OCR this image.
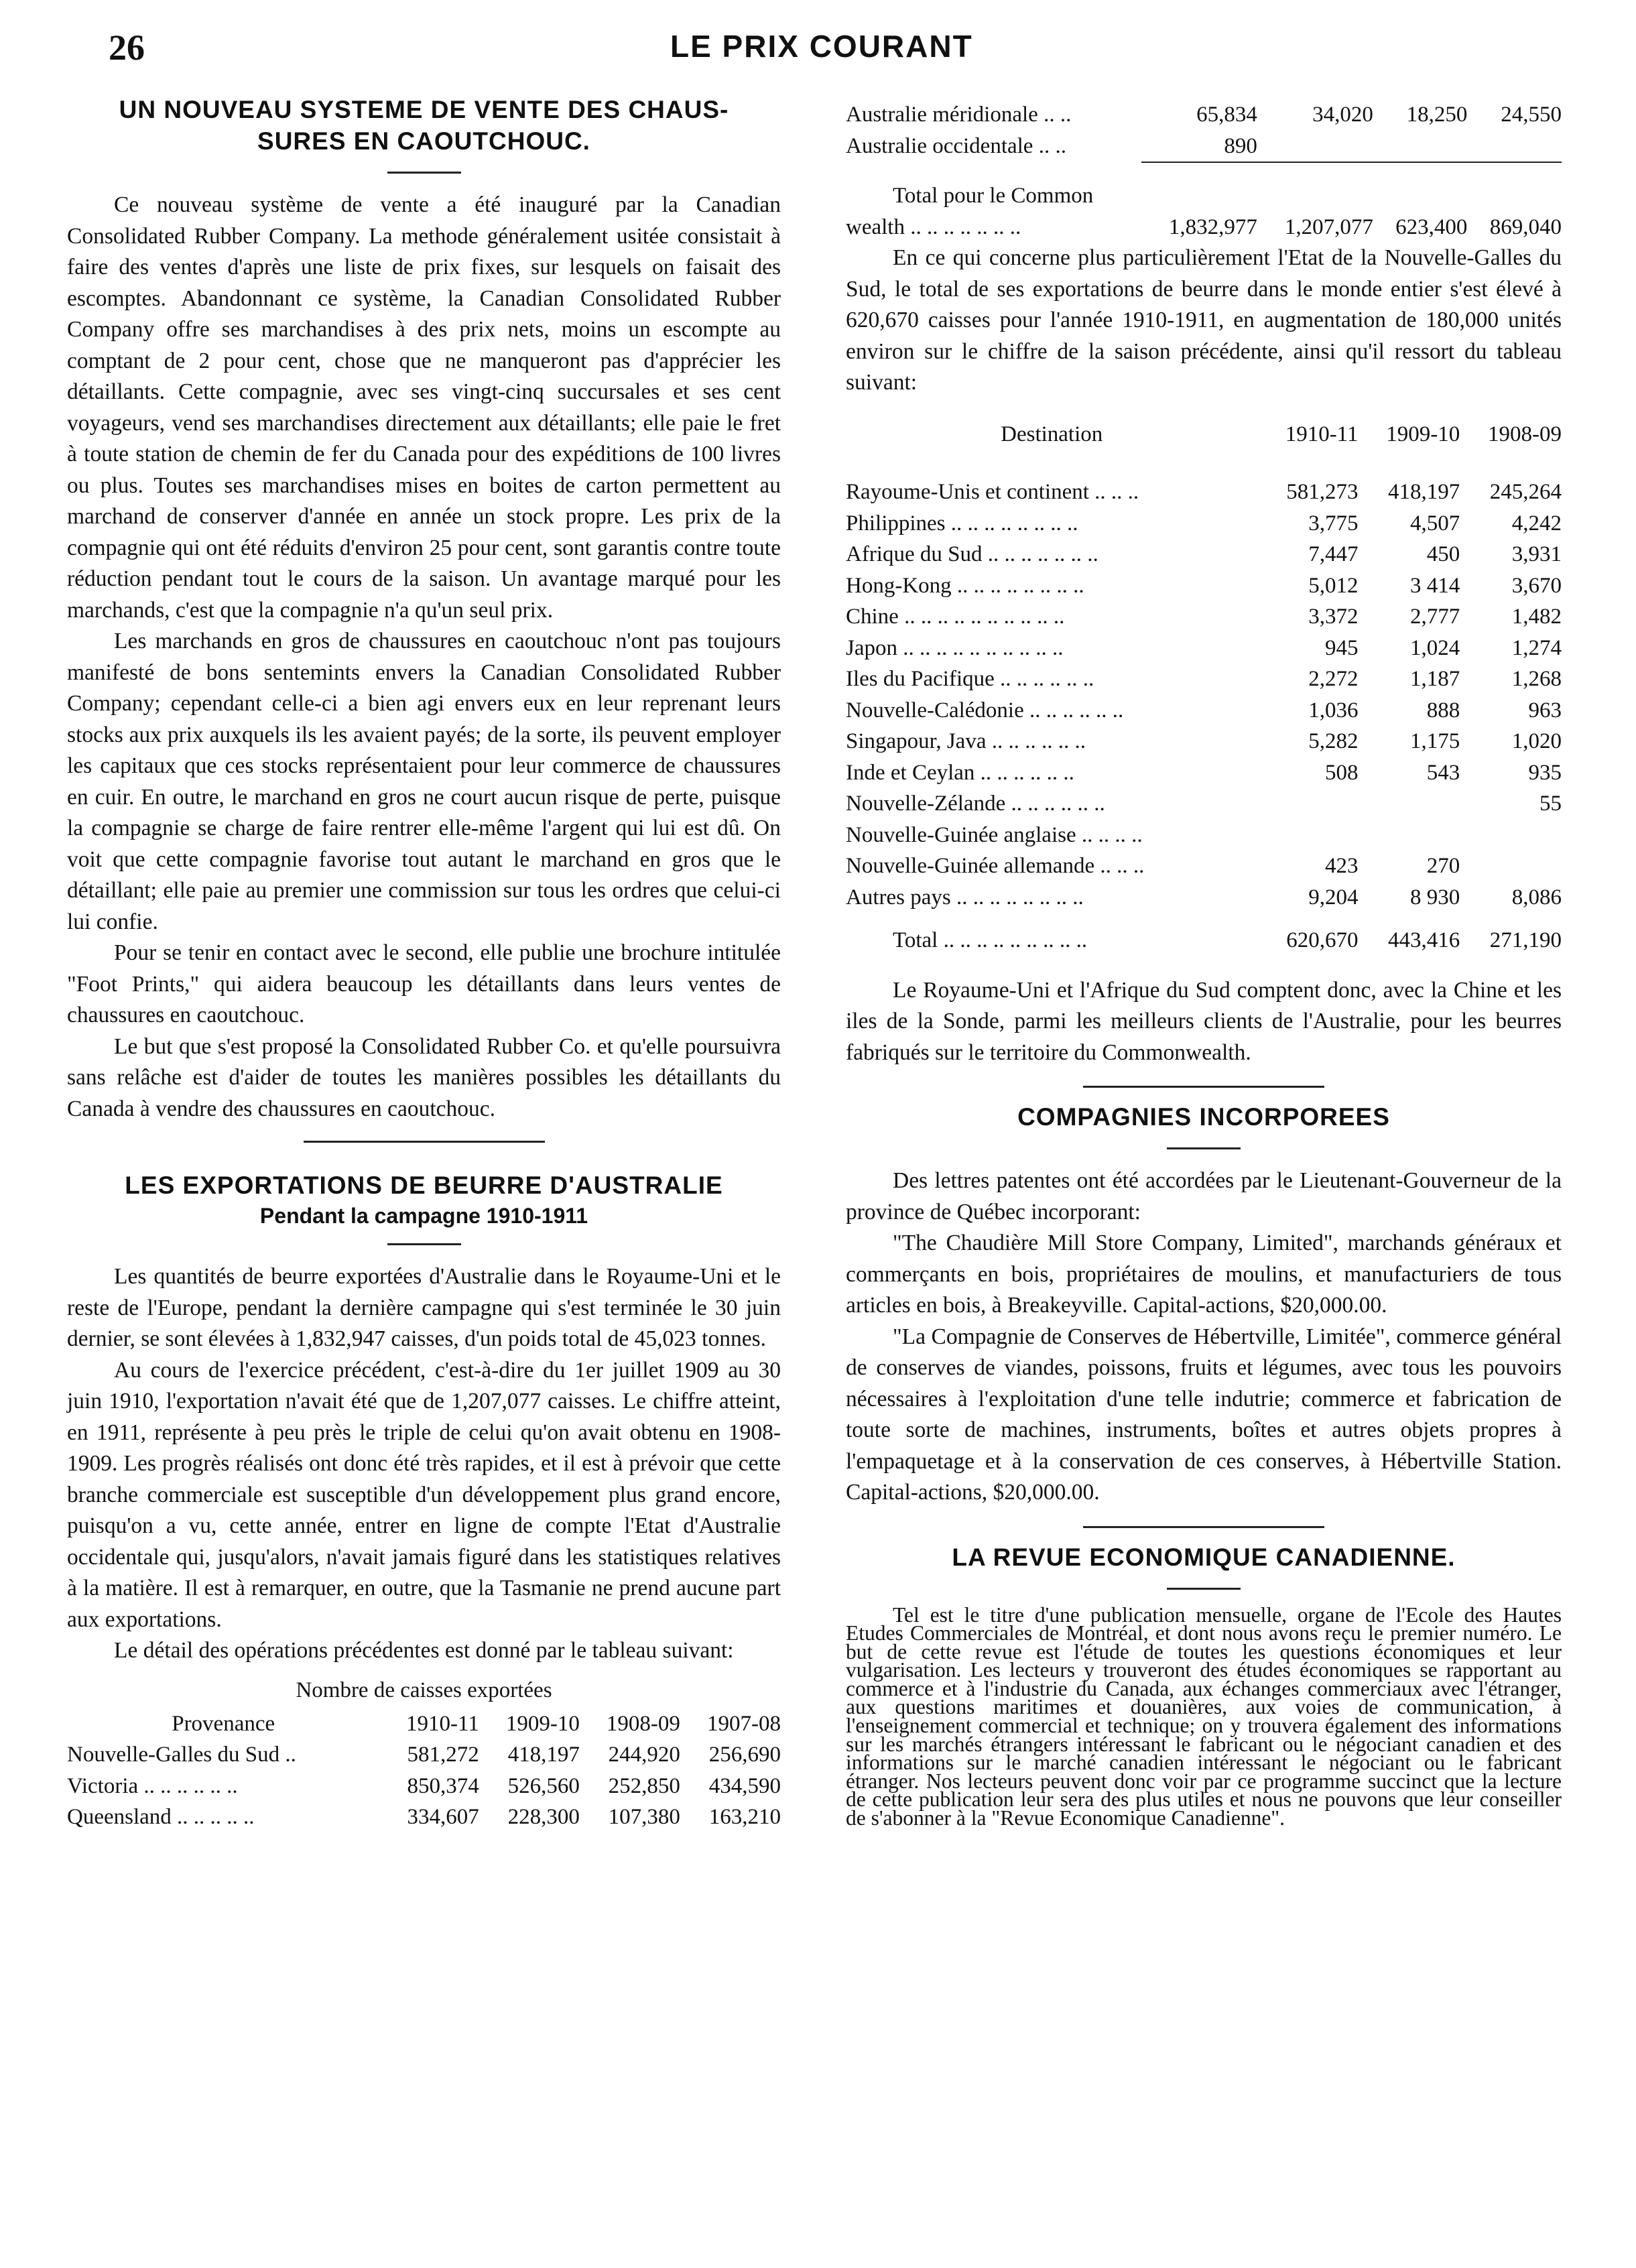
26	LE PRIX COURANT
UN NOUVEAU SYSTEME DE VENTE DES CHAUS-
SURES EN CAOUTCHOUC.

Ce nouveau système de vente a été inauguré par la Canadian Consolidated Rubber Company. La methode généralement usitée consistait à faire des ventes d'après une liste de prix fixes, sur lesquels on faisait des escomptes. Abandonnant ce système, la Canadian Consolidated Rubber Company offre ses marchandises à des prix nets, moins un escompte au comptant de 2 pour cent, chose que ne manqueront pas d'apprécier les détaillants. Cette compagnie, avec ses vingt-cinq succursales et ses cent voyageurs, vend ses marchandises directement aux détaillants; elle paie le fret à toute station de chemin de fer du Canada pour des expéditions de 100 livres ou plus. Toutes ses marchandises mises en boites de carton permettent au marchand de conserver d'année en année un stock propre. Les prix de la compagnie qui ont été réduits d'environ 25 pour cent, sont garantis contre toute réduction pendant tout le cours de la saison. Un avantage marqué pour les marchands, c'est que la compagnie n'a qu'un seul prix.

Les marchands en gros de chaussures en caoutchouc n'ont pas toujours manifesté de bons sentemints envers la Canadian Consolidated Rubber Company; cependant celle-ci a bien agi envers eux en leur reprenant leurs stocks aux prix auxquels ils les avaient payés; de la sorte, ils peuvent employer les capitaux que ces stocks représentaient pour leur commerce de chaussures en cuir. En outre, le marchand en gros ne court aucun risque de perte, puisque la compagnie se charge de faire rentrer elle-même l'argent qui lui est dû. On voit que cette compagnie favorise tout autant le marchand en gros que le détaillant; elle paie au premier une commission sur tous les ordres que celui-ci lui confie.

Pour se tenir en contact avec le second, elle publie une brochure intitulée "Foot Prints," qui aidera beaucoup les détaillants dans leurs ventes de chaussures en caoutchouc.

Le but que s'est proposé la Consolidated Rubber Co. et qu'elle poursuivra sans relâche est d'aider de toutes les manières possibles les détaillants du Canada à vendre des chaussures en caoutchouc.

LES EXPORTATIONS DE BEURRE D'AUSTRALIE
Pendant la campagne 1910-1911

Les quantités de beurre exportées d'Australie dans le Royaume-Uni et le reste de l'Europe, pendant la dernière campagne qui s'est terminée le 30 juin dernier, se sont élevées à 1,832,947 caisses, d'un poids total de 45,023 tonnes.

Au cours de l'exercice précédent, c'est-à-dire du 1er juillet 1909 au 30 juin 1910, l'exportation n'avait été que de 1,207,077 caisses. Le chiffre atteint, en 1911, représente à peu près le triple de celui qu'on avait obtenu en 1908-1909. Les progrès réalisés ont donc été très rapides, et il est à prévoir que cette branche commerciale est susceptible d'un développement plus grand encore, puisqu'on a vu, cette année, entrer en ligne de compte l'Etat d'Australie occidentale qui, jusqu'alors, n'avait jamais figuré dans les statistiques relatives à la matière. Il est à remarquer, en outre, que la Tasmanie ne prend aucune part aux exportations.

Le détail des opérations précédentes est donné par le tableau suivant:

Nombre de caisses exportées
Provenance	1910-11	1909-10	1908-09	1907-08
Nouvelle-Galles du Sud ..	581,272	418,197	244,920	256,690
Victoria .. .. .. .. .. ..	850,374	526,560	252,850	434,590
Queensland .. .. .. .. ..	334,607	228,300	107,380	163,210
Australie méridionale .. ..	65,834	34,020	18,250	24,550
Australie occidentale .. ..	890			

Total pour le Common				
wealth .. .. .. .. .. .. ..	1,832,977	1,207,077	623,400	869,040

En ce qui concerne plus particulièrement l'Etat de la Nouvelle-Galles du Sud, le total de ses exportations de beurre dans le monde entier s'est élevé à 620,670 caisses pour l'année 1910-1911, en augmentation de 180,000 unités environ sur le chiffre de la saison précédente, ainsi qu'il ressort du tableau suivant:

Destination	1910-11	1909-10	1908-09
Rayoume-Unis et continent .. .. ..	581,273	418,197	245,264
Philippines .. .. .. .. .. .. .. ..	3,775	4,507	4,242
Afrique du Sud .. .. .. .. .. .. ..	7,447	450	3,931
Hong-Kong .. .. .. .. .. .. .. ..	5,012	3 414	3,670
Chine .. .. .. .. .. .. .. .. .. ..	3,372	2,777	1,482
Japon .. .. .. .. .. .. .. .. .. ..	945	1,024	1,274
Iles du Pacifique .. .. .. .. .. ..	2,272	1,187	1,268
Nouvelle-Calédonie .. .. .. .. .. ..	1,036	888	963
Singapour, Java .. .. .. .. .. ..	5,282	1,175	1,020
Inde et Ceylan .. .. .. .. .. ..	508	543	935
Nouvelle-Zélande .. .. .. .. .. ..			55
Nouvelle-Guinée anglaise .. .. .. ..			
Nouvelle-Guinée allemande .. .. ..	423	270	
Autres pays .. .. .. .. .. .. .. ..	9,204	8 930	8,086
Total .. .. .. .. .. .. .. .. ..	620,670	443,416	271,190

Le Royaume-Uni et l'Afrique du Sud comptent donc, avec la Chine et les iles de la Sonde, parmi les meilleurs clients de l'Australie, pour les beurres fabriqués sur le territoire du Commonwealth.

COMPAGNIES INCORPOREES

Des lettres patentes ont été accordées par le Lieutenant-Gouverneur de la province de Québec incorporant:

"The Chaudière Mill Store Company, Limited", marchands généraux et commerçants en bois, propriétaires de moulins, et manufacturiers de tous articles en bois, à Breakeyville. Capital-actions, $20,000.00.

"La Compagnie de Conserves de Hébertville, Limitée", commerce général de conserves de viandes, poissons, fruits et légumes, avec tous les pouvoirs nécessaires à l'exploitation d'une telle indutrie; commerce et fabrication de toute sorte de machines, instruments, boîtes et autres objets propres à l'empaquetage et à la conservation de ces conserves, à Hébertville Station. Capital-actions, $20,000.00.

LA REVUE ECONOMIQUE CANADIENNE.

Tel est le titre d'une publication mensuelle, organe de l'Ecole des Hautes Etudes Commerciales de Montréal, et dont nous avons reçu le premier numéro. Le but de cette revue est l'étude de toutes les questions économiques et leur vulgarisation. Les lecteurs y trouveront des études économiques se rapportant au commerce et à l'industrie du Canada, aux échanges commerciaux avec l'étranger, aux questions maritimes et douanières, aux voies de communication, à l'enseignement commercial et technique; on y trouvera également des informations sur les marchés étrangers intéressant le fabricant ou le négociant canadien et des informations sur le marché canadien intéressant le négociant ou le fabricant étranger. Nos lecteurs peuvent donc voir par ce programme succinct que la lecture de cette publication leur sera des plus utiles et nous ne pouvons que leur conseiller de s'abonner à la "Revue Economique Canadienne".
